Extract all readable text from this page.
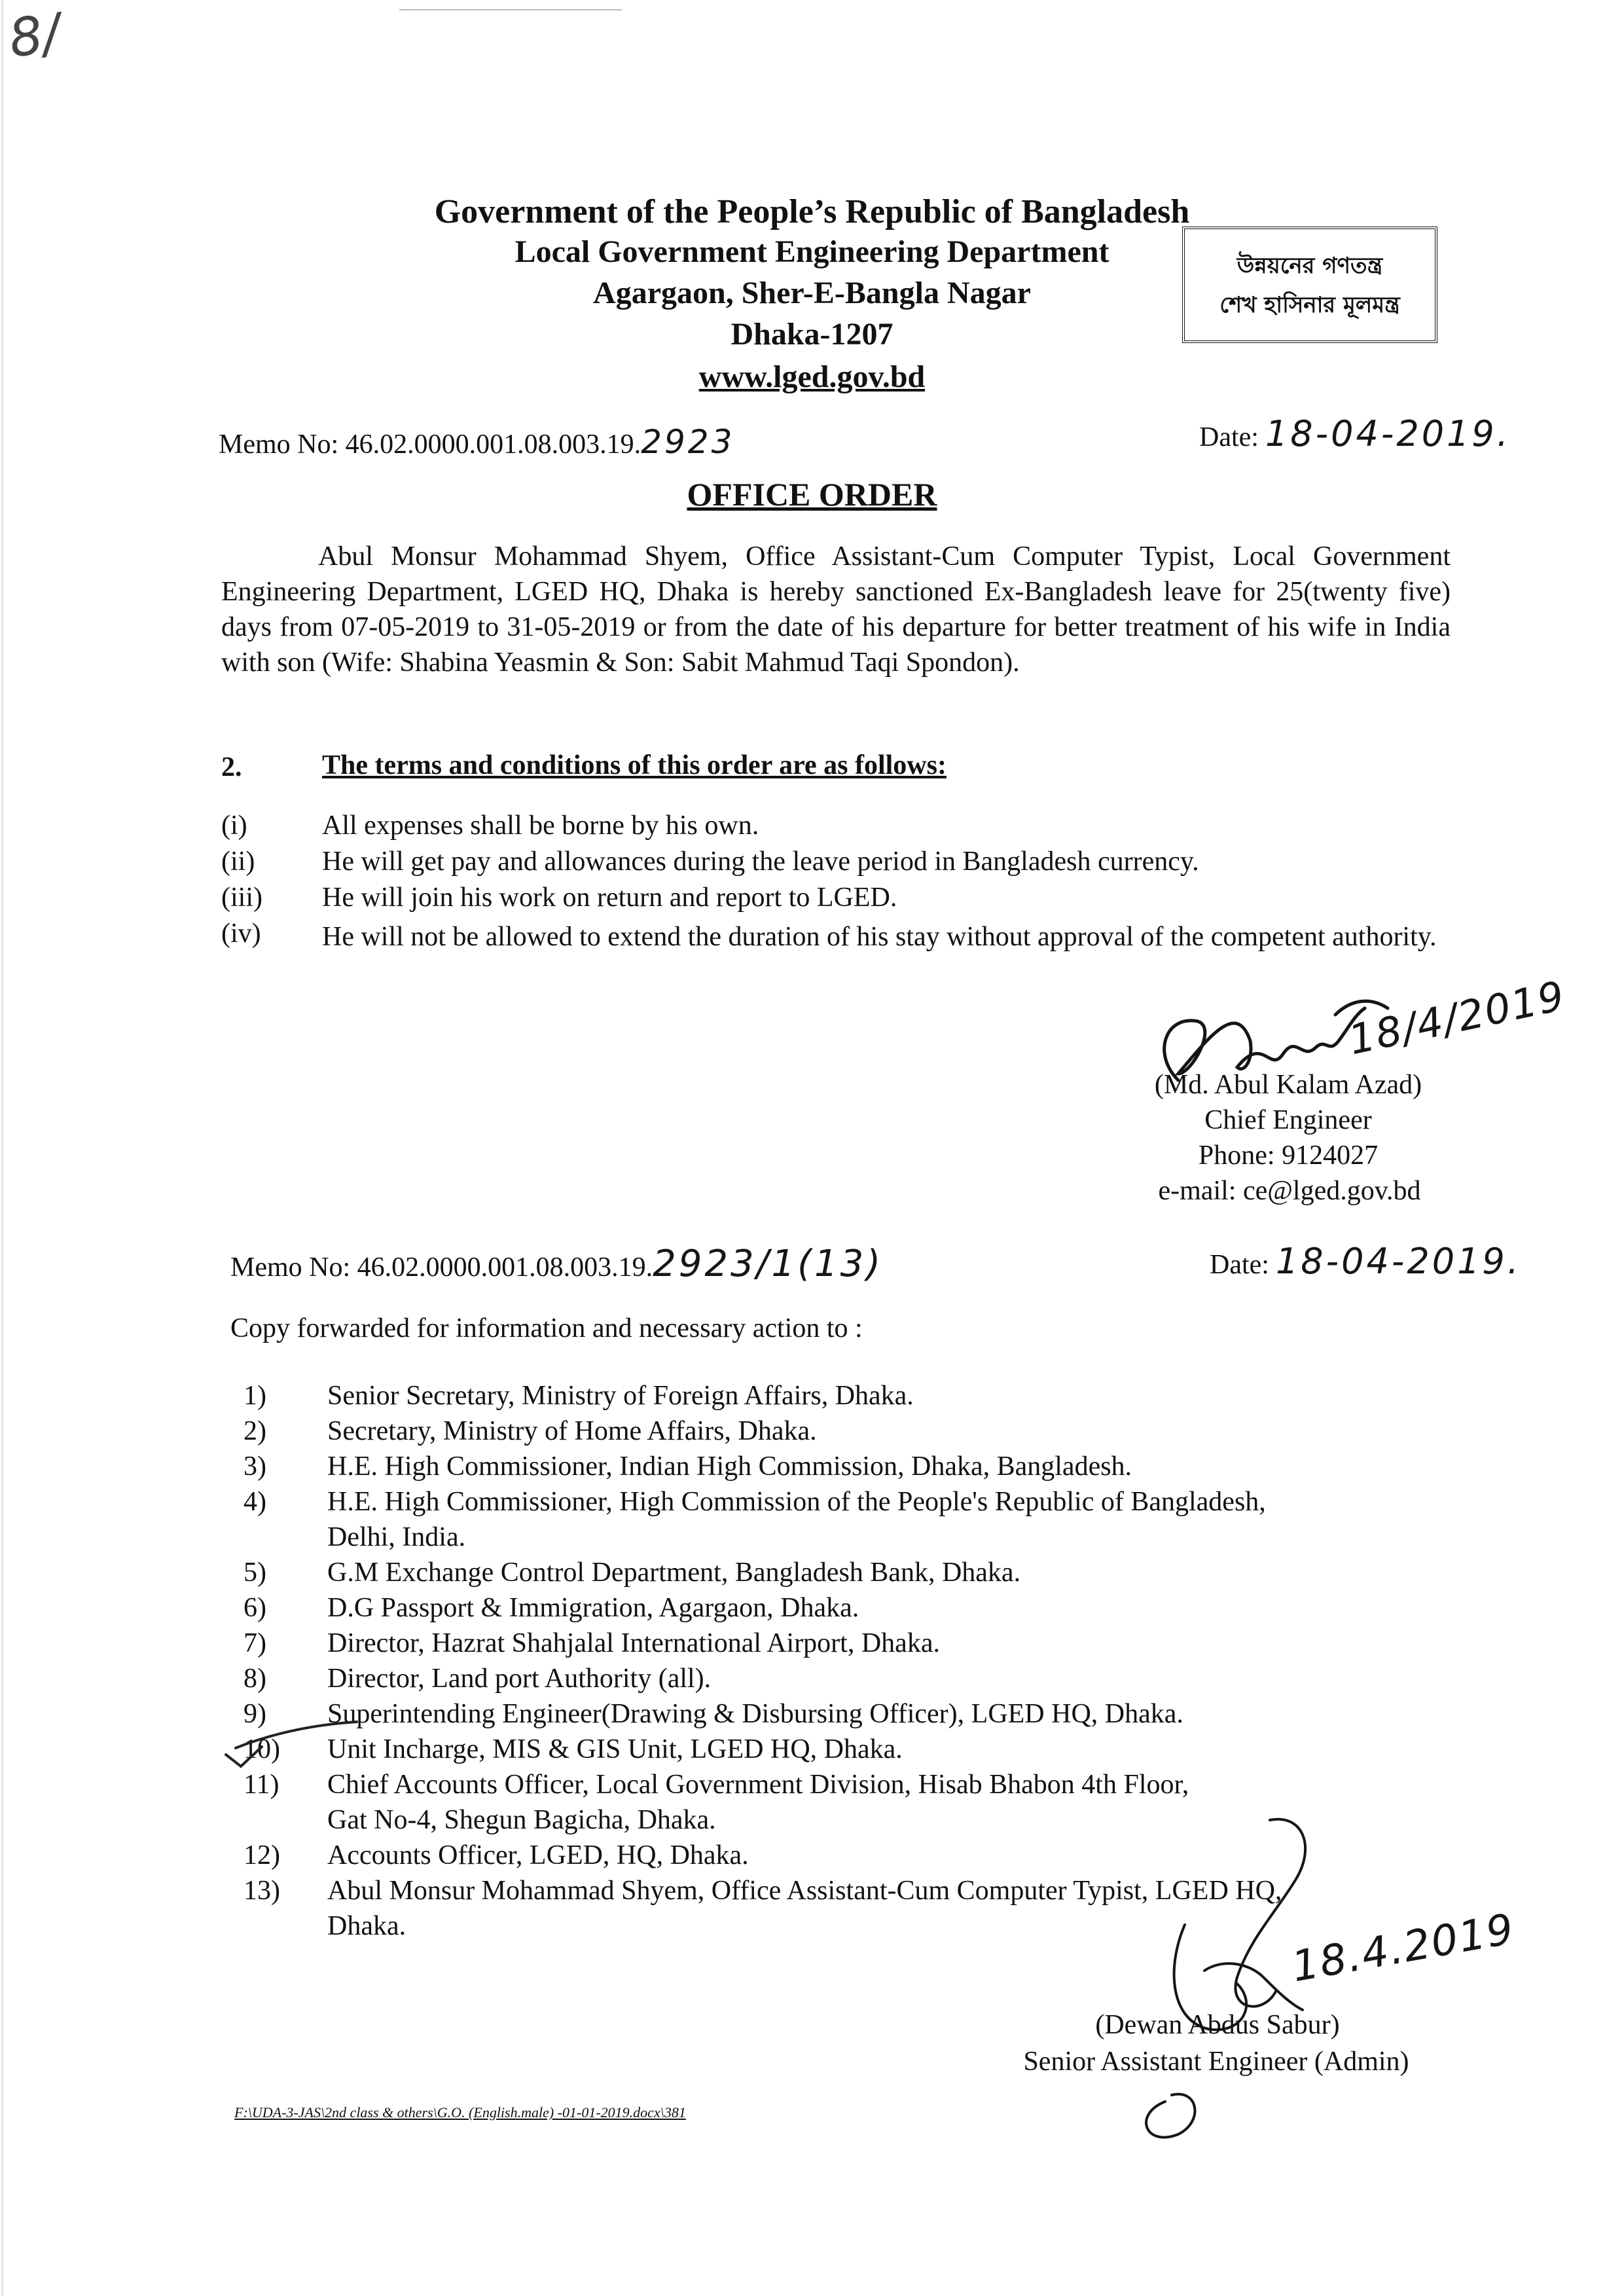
8/
Government of the People’s Republic of Bangladesh
Local Government Engineering Department
Agargaon, Sher-E-Bangla Nagar
Dhaka-1207
www.lged.gov.bd
উন্নয়নের গণতন্ত্র
শেখ হাসিনার মূলমন্ত্র
Memo No: 46.02.0000.001.08.003.19.2923	Date: 18-04-2019.
OFFICE ORDER
Abul Monsur Mohammad Shyem, Office Assistant-Cum Computer Typist, Local Government Engineering Department, LGED HQ, Dhaka is hereby sanctioned Ex-Bangladesh leave for 25(twenty five) days from 07-05-2019 to 31-05-2019 or from the date of his departure for better treatment of his wife in India with son (Wife: Shabina Yeasmin & Son: Sabit Mahmud Taqi Spondon).
2.	The terms and conditions of this order are as follows:
(i)	All expenses shall be borne by his own.
(ii) He will get pay and allowances during the leave period in Bangladesh currency.
(iii) He will join his work on return and report to LGED.
(iv) He will not be allowed to extend the duration of his stay without approval of the competent authority.
18/4/2019
(Md. Abul Kalam Azad)
Chief Engineer
Phone: 9124027
e-mail: ce@lged.gov.bd
Memo No: 46.02.0000.001.08.003.19.2923/1(13)	Date: 18-04-2019.
Copy forwarded for information and necessary action to :
1) Senior Secretary, Ministry of Foreign Affairs, Dhaka.
2) Secretary, Ministry of Home Affairs, Dhaka.
3) H.E. High Commissioner, Indian High Commission, Dhaka, Bangladesh.
4) H.E. High Commissioner, High Commission of the People's Republic of Bangladesh,
Delhi, India.
5) G.M Exchange Control Department, Bangladesh Bank, Dhaka.
6) D.G Passport & Immigration, Agargaon, Dhaka.
7) Director, Hazrat Shahjalal International Airport, Dhaka.
8) Director, Land port Authority (all).
9) Superintending Engineer(Drawing & Disbursing Officer), LGED HQ, Dhaka.
10) Unit Incharge, MIS & GIS Unit, LGED HQ, Dhaka.
11) Chief Accounts Officer, Local Government Division, Hisab Bhabon 4th Floor,
Gat No-4, Shegun Bagicha, Dhaka.
12) Accounts Officer, LGED, HQ, Dhaka.
13) Abul Monsur Mohammad Shyem, Office Assistant-Cum Computer Typist, LGED HQ,
Dhaka.	18.4.2019
(Dewan Abdus Sabur)
Senior Assistant Engineer (Admin)
F:\UDA-3-JAS\2nd class & others\G.O. (English.male) -01-01-2019.docx\381
